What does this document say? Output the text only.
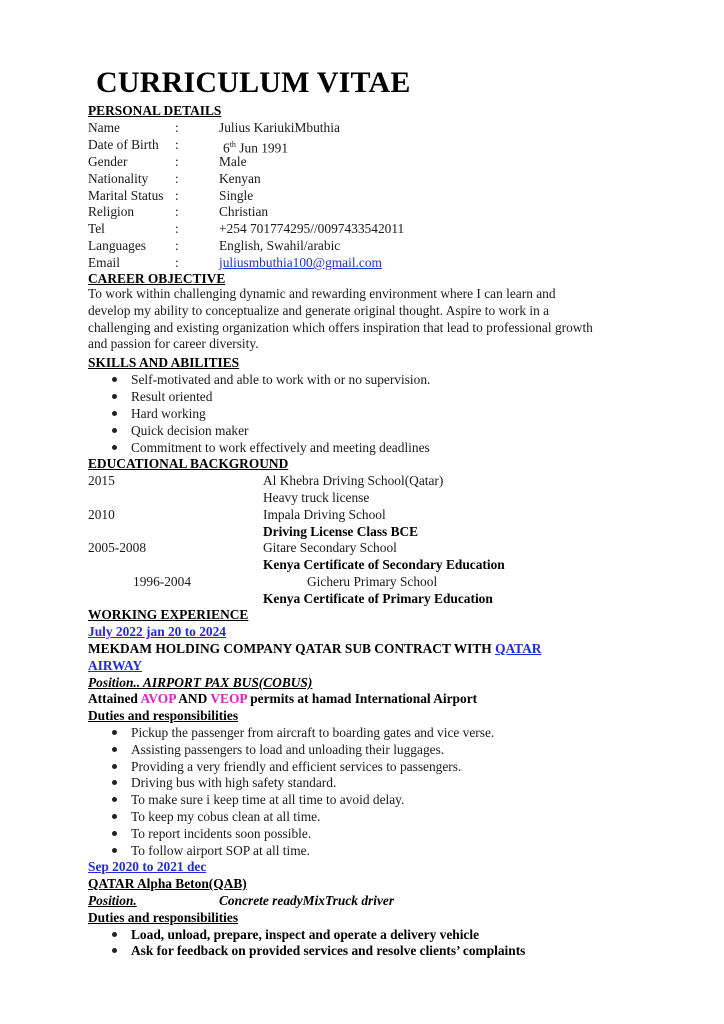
CURRICULUM VITAE
PERSONAL DETAILS
Name	:	Julius KariukiMbuthia
Date of Birth :	6th Jun 1991
Gender	:	Male
Nationality :	Kenyan
Marital Status :	Single
Religion	:	Christian
Tel	:	+254 701774295//0097433542011
Languages :	English, Swahil/arabic
Email	:	juliusmbuthia100@gmail.com
CAREER OBJECTIVE
To work within challenging dynamic and rewarding environment where I can learn and
develop my ability to conceptualize and generate original thought. Aspire to work in a
challenging and existing organization which offers inspiration that lead to professional growth
and passion for career diversity.
SKILLS AND ABILITIES
Self-motivated and able to work with or no supervision.
Result oriented
Hard working
Quick decision maker
Commitment to work effectively and meeting deadlines
EDUCATIONAL BACKGROUND
2015	Al Khebra Driving School(Qatar)
Heavy truck license
2010	Impala Driving School
Driving License Class BCE
2005-2008	Gitare Secondary School
Kenya Certificate of Secondary Education
1996-2004	Gicheru Primary School
Kenya Certificate of Primary Education
WORKING EXPERIENCE
July 2022 jan 20 to 2024
MEKDAM HOLDING COMPANY QATAR SUB CONTRACT WITH QATAR
AIRWAY
Position.. AIRPORT PAX BUS(COBUS)
Attained AVOP AND VEOP permits at hamad International Airport
Duties and responsibilities
Pickup the passenger from aircraft to boarding gates and vice verse.
Assisting passengers to load and unloading their luggages.
Providing a very friendly and efficient services to passengers.
Driving bus with high safety standard.
To make sure i keep time at all time to avoid delay.
To keep my cobus clean at all time.
To report incidents soon possible.
To follow airport SOP at all time.
Sep 2020 to 2021 dec
QATAR Alpha Beton(QAB)
Position.	Concrete readyMixTruck driver
Duties and responsibilities
Load, unload, prepare, inspect and operate a delivery vehicle
Ask for feedback on provided services and resolve clients’ complaints
